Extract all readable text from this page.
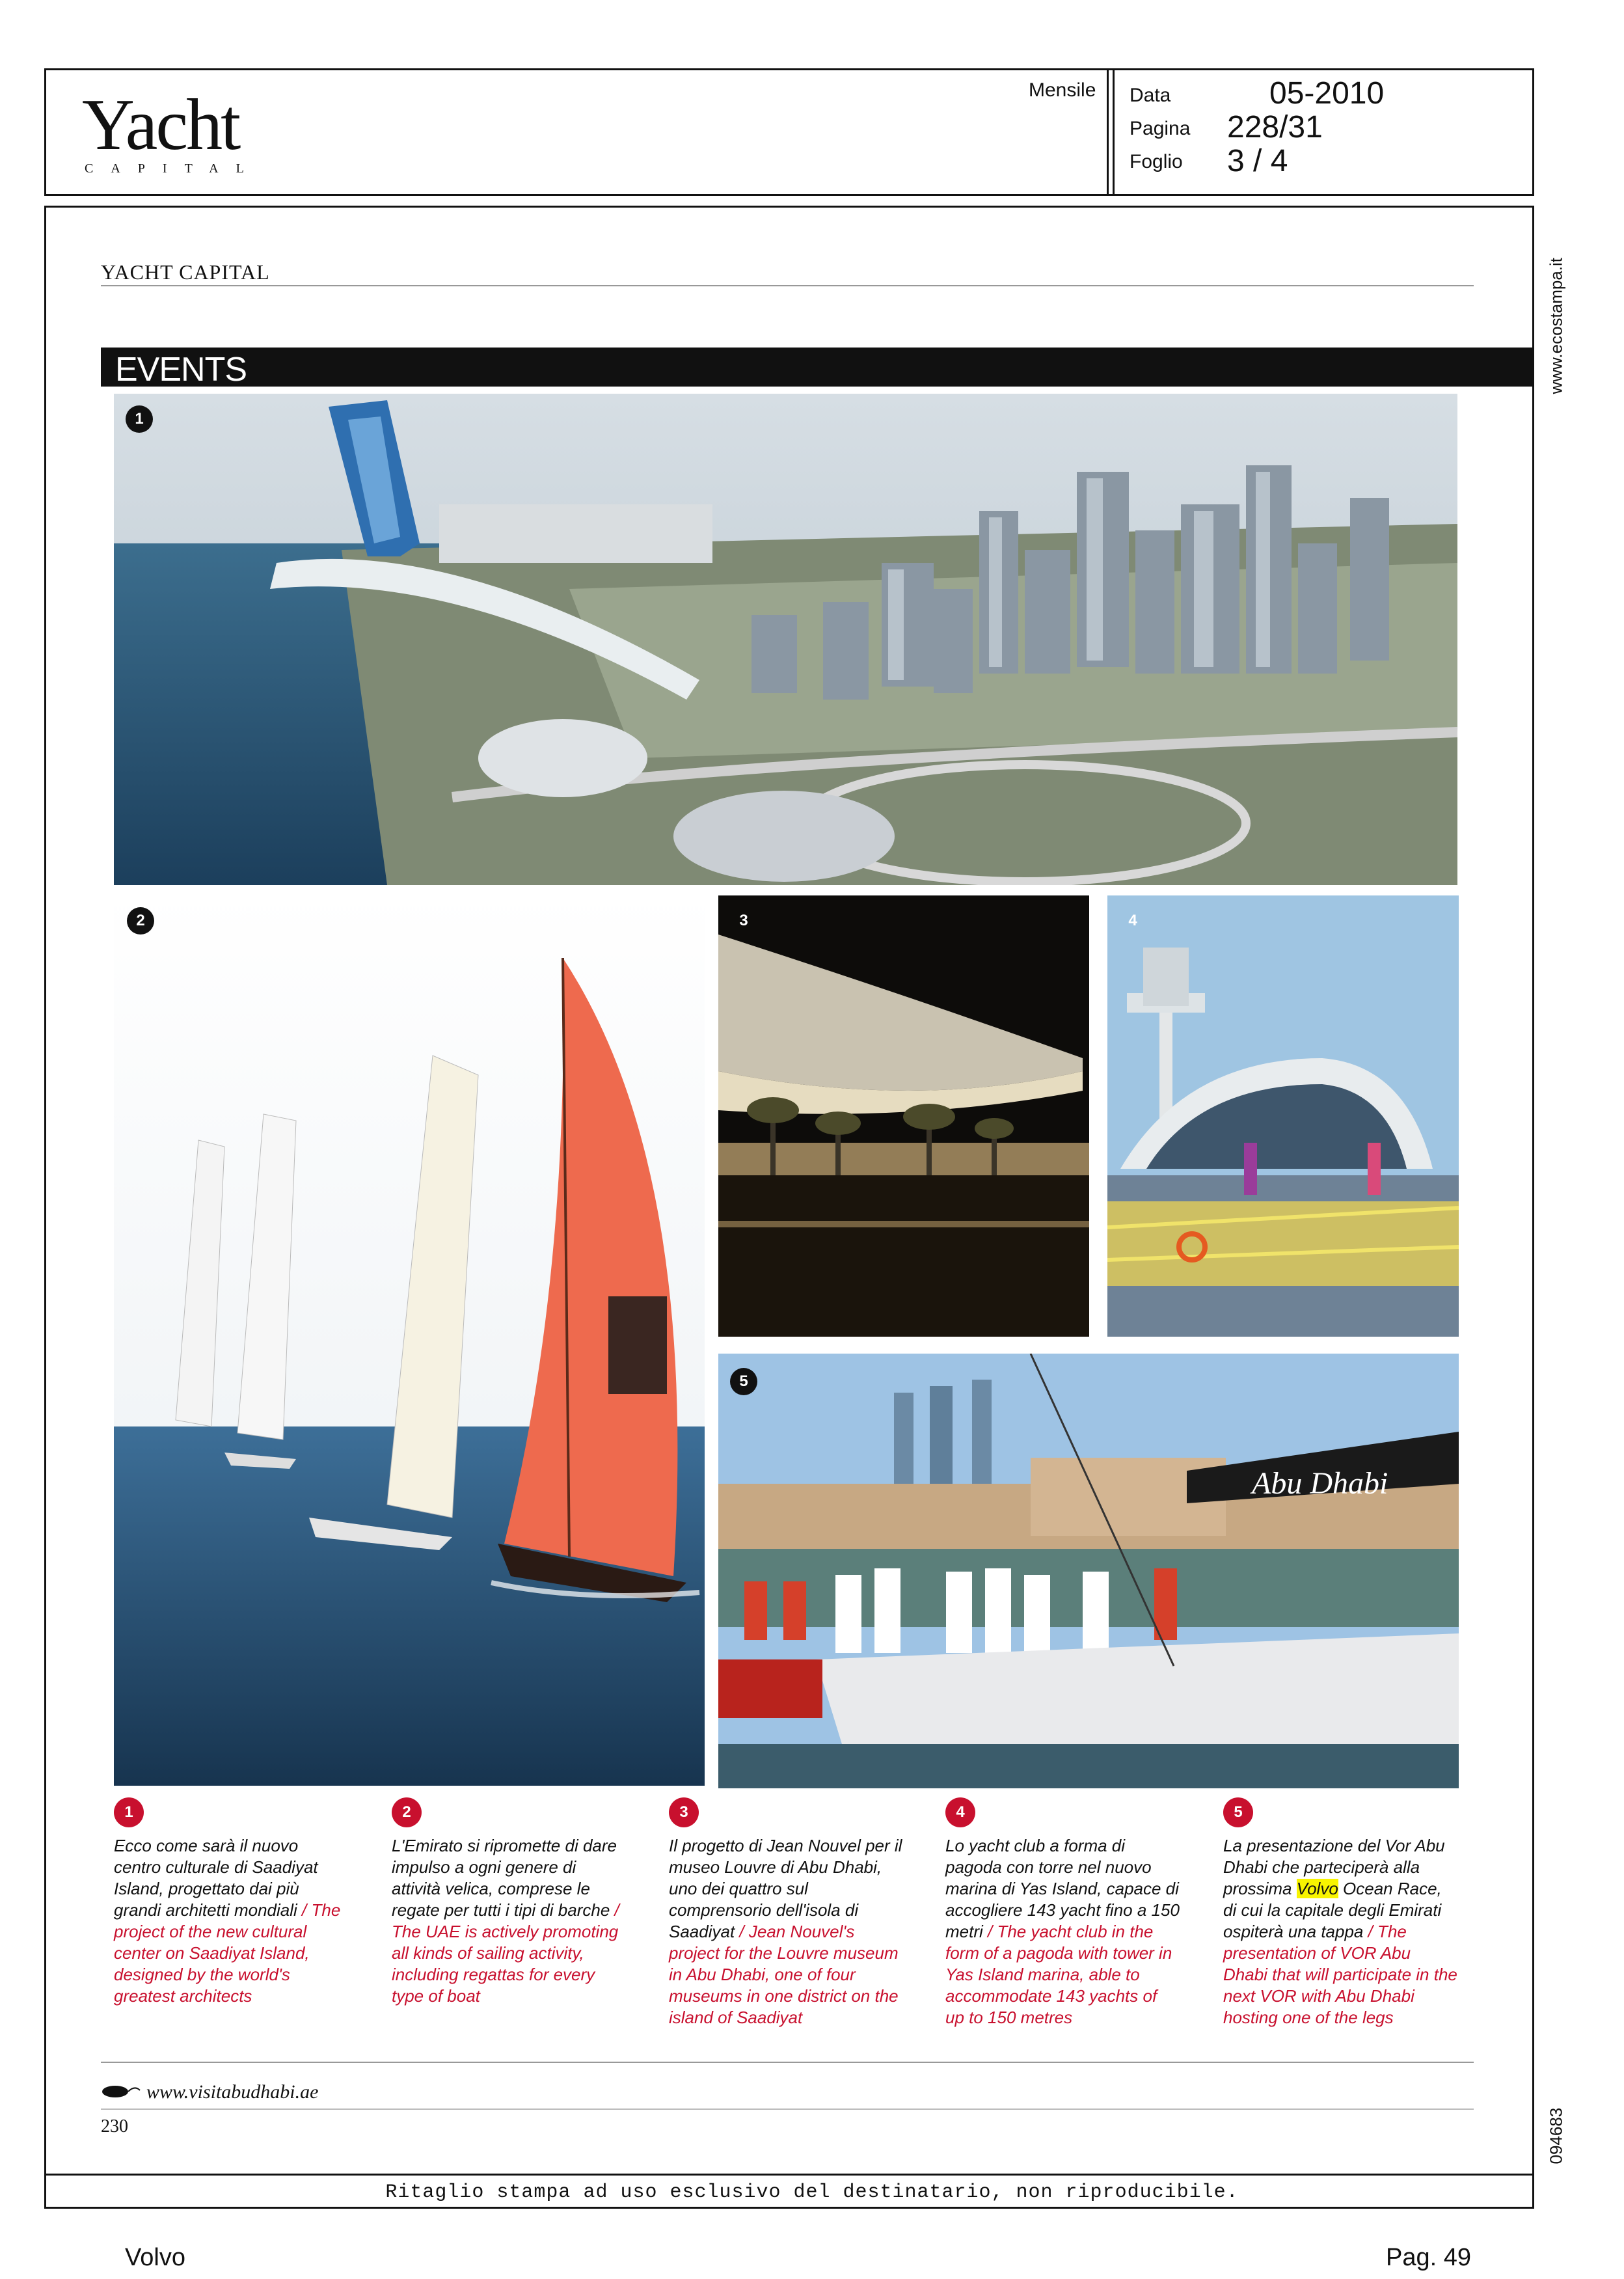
Yacht
CAPITAL
Mensile Data	05-2010
Pagina 228/31
Foglio 3 / 4
www.ecostampa.it
094683
YACHT CAPITAL
EVENTS
1
2	3	4
Abu Dhabi
5
1
Ecco come sarà il nuovo centro culturale di Saadiyat Island, progettato dai più grandi architetti mondiali / The project of the new cultural center on Saadiyat Island, designed by the world's greatest architects
2
L'Emirato si ripromette di dare impulso a ogni genere di attività velica, comprese le regate per tutti i tipi di barche / The UAE is actively promoting all kinds of sailing activity, including regattas for every type of boat
3
Il progetto di Jean Nouvel per il museo Louvre di Abu Dhabi, uno dei quattro sul comprensorio dell'isola di Saadiyat / Jean Nouvel's project for the Louvre museum in Abu Dhabi, one of four museums in one district on the island of Saadiyat
4
Lo yacht club a forma di pagoda con torre nel nuovo marina di Yas Island, capace di accogliere 143 yacht fino a 150 metri / The yacht club in the form of a pagoda with tower in Yas Island marina, able to accommodate 143 yachts of up to 150 metres
5
La presentazione del Vor Abu Dhabi che parteciperà alla prossima Volvo Ocean Race, di cui la capitale degli Emirati ospiterà una tappa / The presentation of VOR Abu Dhabi that will participate in the next VOR with Abu Dhabi hosting one of the legs
www.visitabudhabi.ae
230
Ritaglio stampa ad uso esclusivo del destinatario, non riproducibile.
Volvo	Pag. 49
